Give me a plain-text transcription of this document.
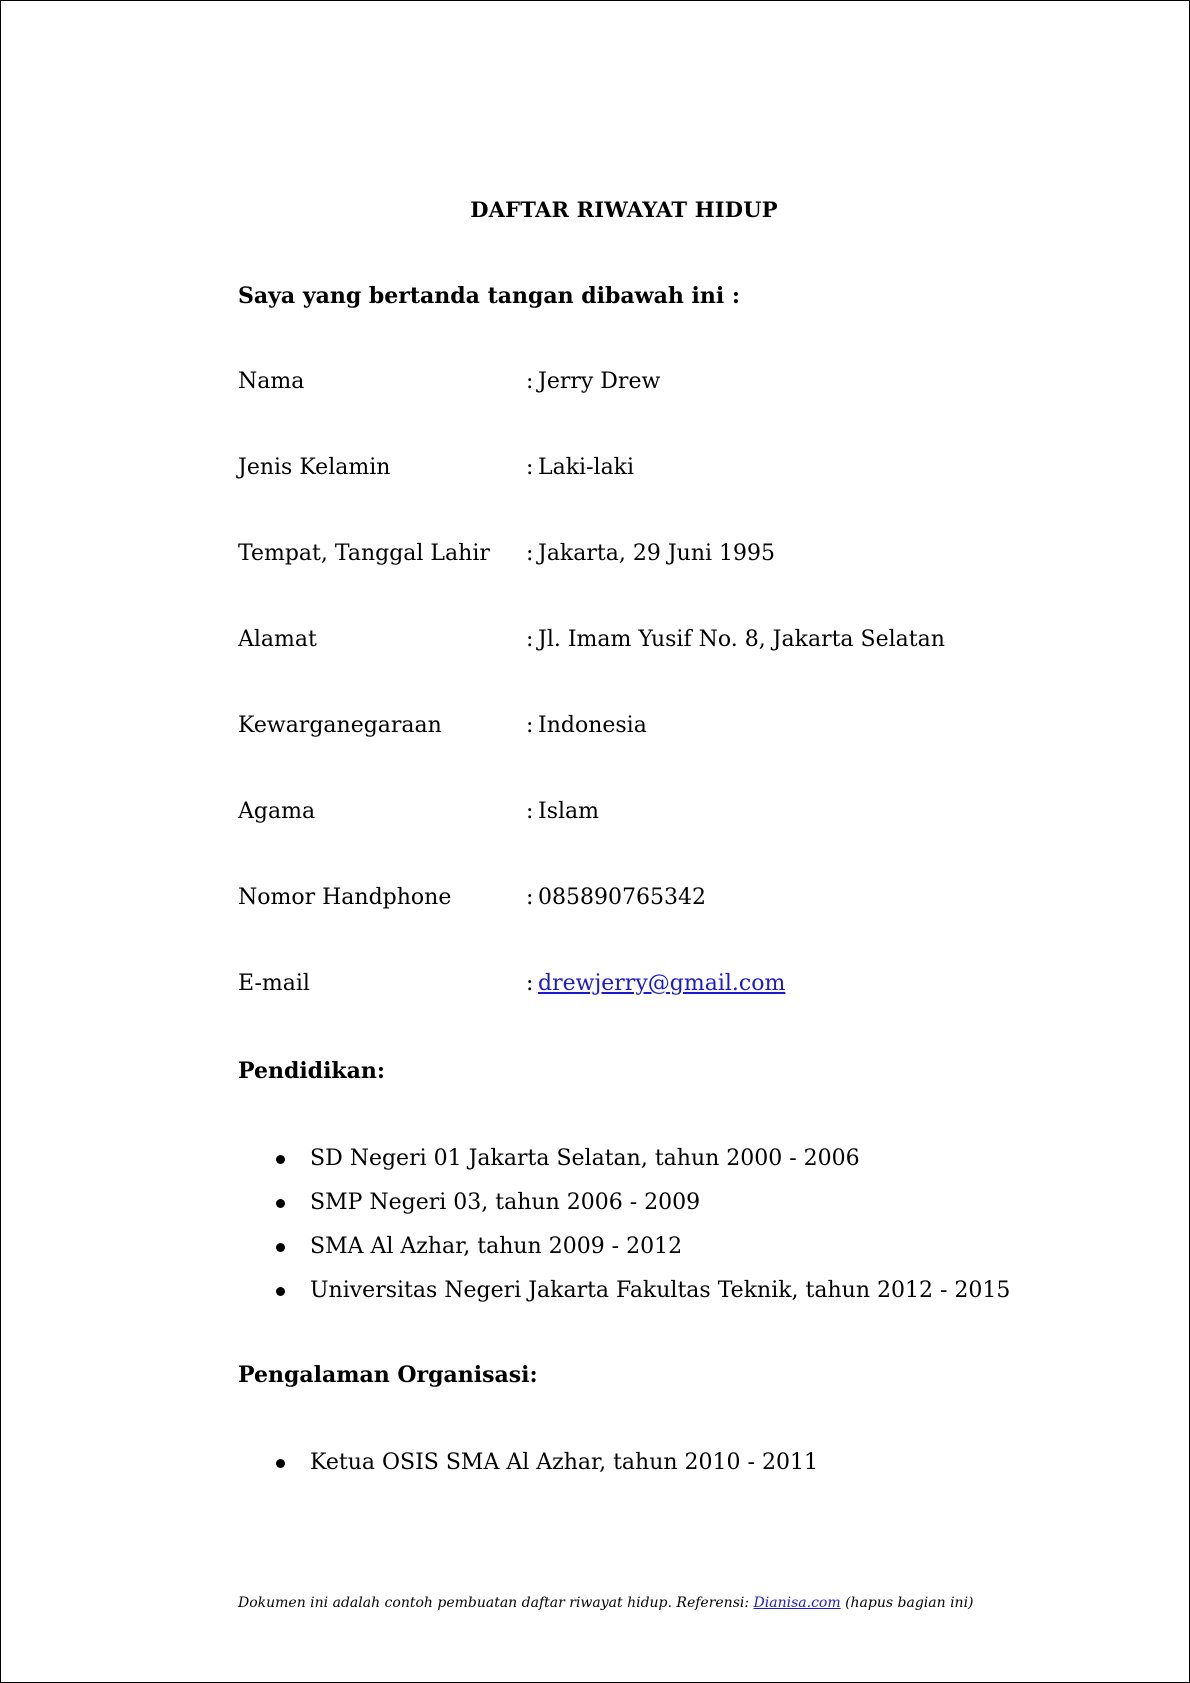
DAFTAR RIWAYAT HIDUP
Saya yang bertanda tangan dibawah ini :
Nama	: Jerry Drew
Jenis Kelamin	: Laki-laki
Tempat, Tanggal Lahir : Jakarta, 29 Juni 1995
Alamat	: Jl. Imam Yusif No. 8, Jakarta Selatan
Kewarganegaraan	: Indonesia
Agama	: Islam
Nomor Handphone	: 085890765342
E-mail	: drewjerry@gmail.com
Pendidikan:
SD Negeri 01 Jakarta Selatan, tahun 2000 - 2006
SMP Negeri 03, tahun 2006 - 2009
SMA Al Azhar, tahun 2009 - 2012
Universitas Negeri Jakarta Fakultas Teknik, tahun 2012 - 2015
Pengalaman Organisasi:
Ketua OSIS SMA Al Azhar, tahun 2010 - 2011
Dokumen ini adalah contoh pembuatan daftar riwayat hidup. Referensi: Dianisa.com (hapus bagian ini)
